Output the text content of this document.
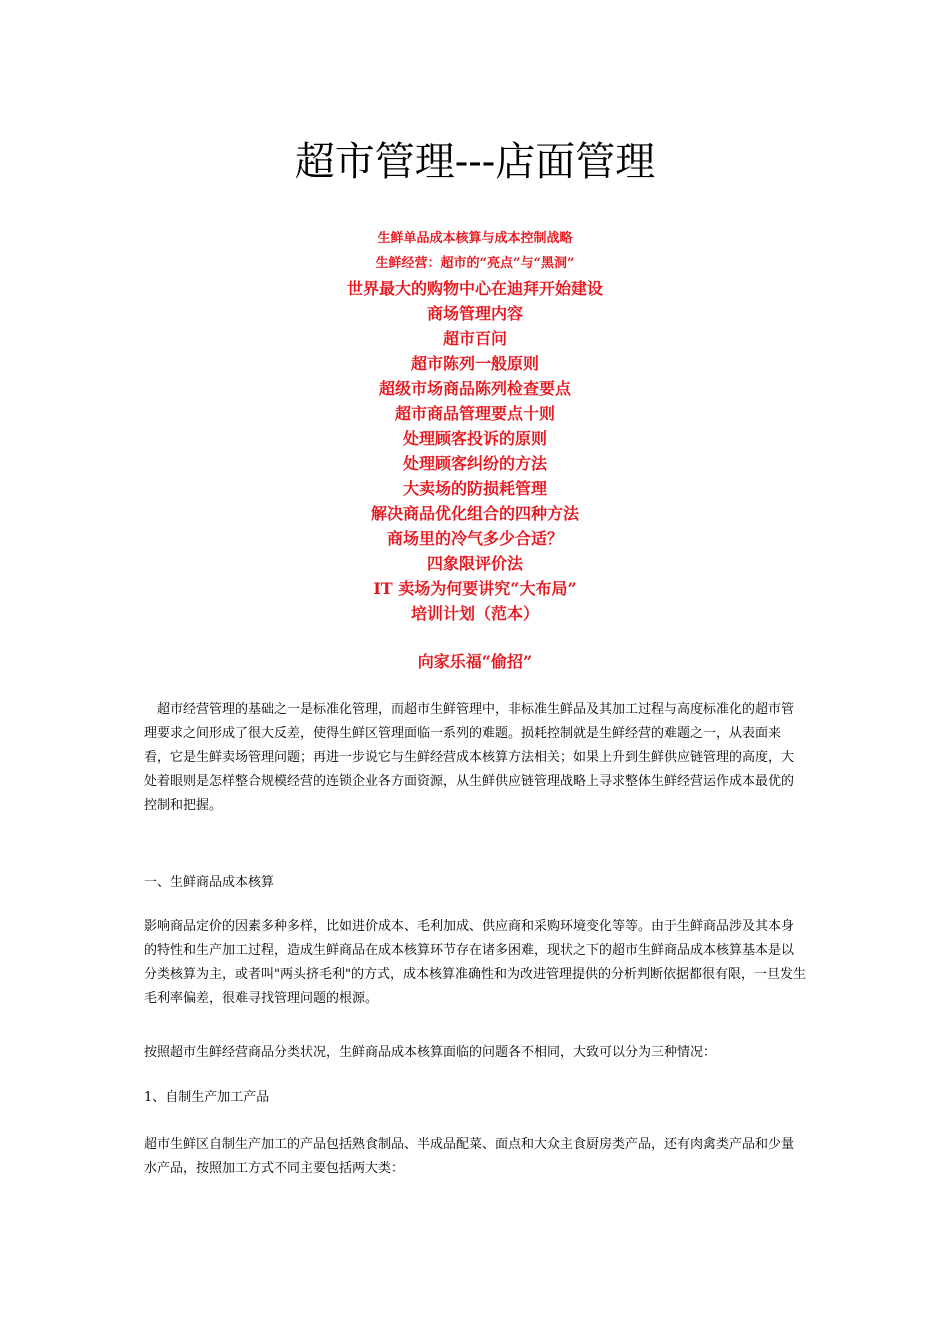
超市管理---店面管理
生鲜单品成本核算与成本控制战略
生鲜经营：超市的“亮点”与“黑洞”
世界最大的购物中心在迪拜开始建设
商场管理内容
超市百问
超市陈列一般原则
超级市场商品陈列检查要点
超市商品管理要点十则
处理顾客投诉的原则
处理顾客纠纷的方法
大卖场的防损耗管理
解决商品优化组合的四种方法
商场里的冷气多少合适？
四象限评价法
IT 卖场为何要讲究“大布局”
培训计划（范本）
向家乐福“偷招”

超市经营管理的基础之一是标准化管理，而超市生鲜管理中，非标准生鲜品及其加工过程与高度标准化的超市管理要求之间形成了很大反差，使得生鲜区管理面临一系列的难题。损耗控制就是生鲜经营的难题之一，从表面来看，它是生鲜卖场管理问题；再进一步说它与生鲜经营成本核算方法相关；如果上升到生鲜供应链管理的高度，大处着眼则是怎样整合规模经营的连锁企业各方面资源，从生鲜供应链管理战略上寻求整体生鲜经营运作成本最优的控制和把握。

一、生鲜商品成本核算

影响商品定价的因素多种多样，比如进价成本、毛利加成、供应商和采购环境变化等等。由于生鲜商品涉及其本身的特性和生产加工过程，造成生鲜商品在成本核算环节存在诸多困难，现状之下的超市生鲜商品成本核算基本是以分类核算为主，或者叫"两头挤毛利"的方式，成本核算准确性和为改进管理提供的分析判断依据都很有限，一旦发生毛利率偏差，很难寻找管理问题的根源。

按照超市生鲜经营商品分类状况，生鲜商品成本核算面临的问题各不相同，大致可以分为三种情况：

1、自制生产加工产品

超市生鲜区自制生产加工的产品包括熟食制品、半成品配菜、面点和大众主食厨房类产品，还有肉禽类产品和少量水产品，按照加工方式不同主要包括两大类：
